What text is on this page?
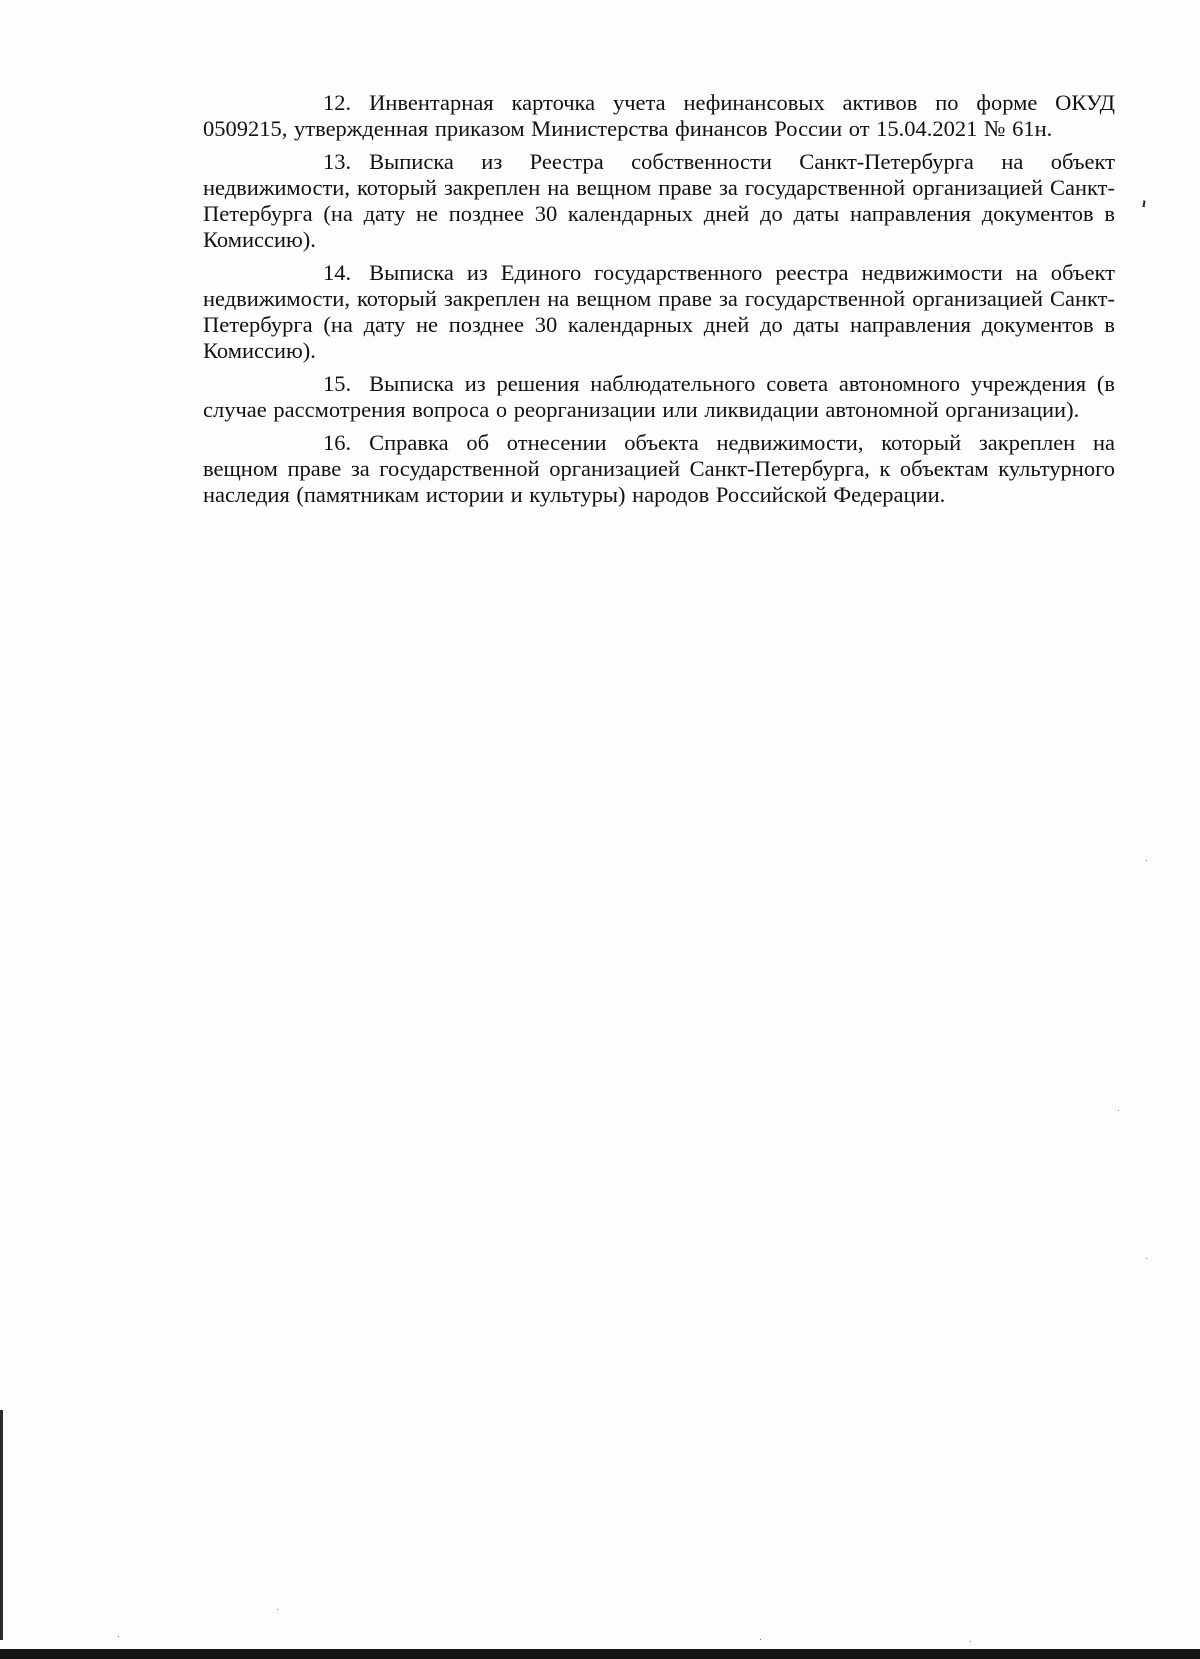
12. Инвентарная карточка учета нефинансовых активов по форме ОКУД 0509215, утвержденная приказом Министерства финансов России от 15.04.2021 № 61н.

13. Выписка из Реестра собственности Санкт-Петербурга на объект недвижимости, который закреплен на вещном праве за государственной организацией Санкт-Петербурга (на дату не позднее 30 календарных дней до даты направления документов в Комиссию).

14. Выписка из Единого государственного реестра недвижимости на объект недвижимости, который закреплен на вещном праве за государственной организацией Санкт-Петербурга (на дату не позднее 30 календарных дней до даты направления документов в Комиссию).

15. Выписка из решения наблюдательного совета автономного учреждения (в случае рассмотрения вопроса о реорганизации или ликвидации автономной организации).

16. Справка об отнесении объекта недвижимости, который закреплен на вещном праве за государственной организацией Санкт-Петербурга, к объектам культурного наследия (памятникам истории и культуры) народов Российской Федерации.

ı
